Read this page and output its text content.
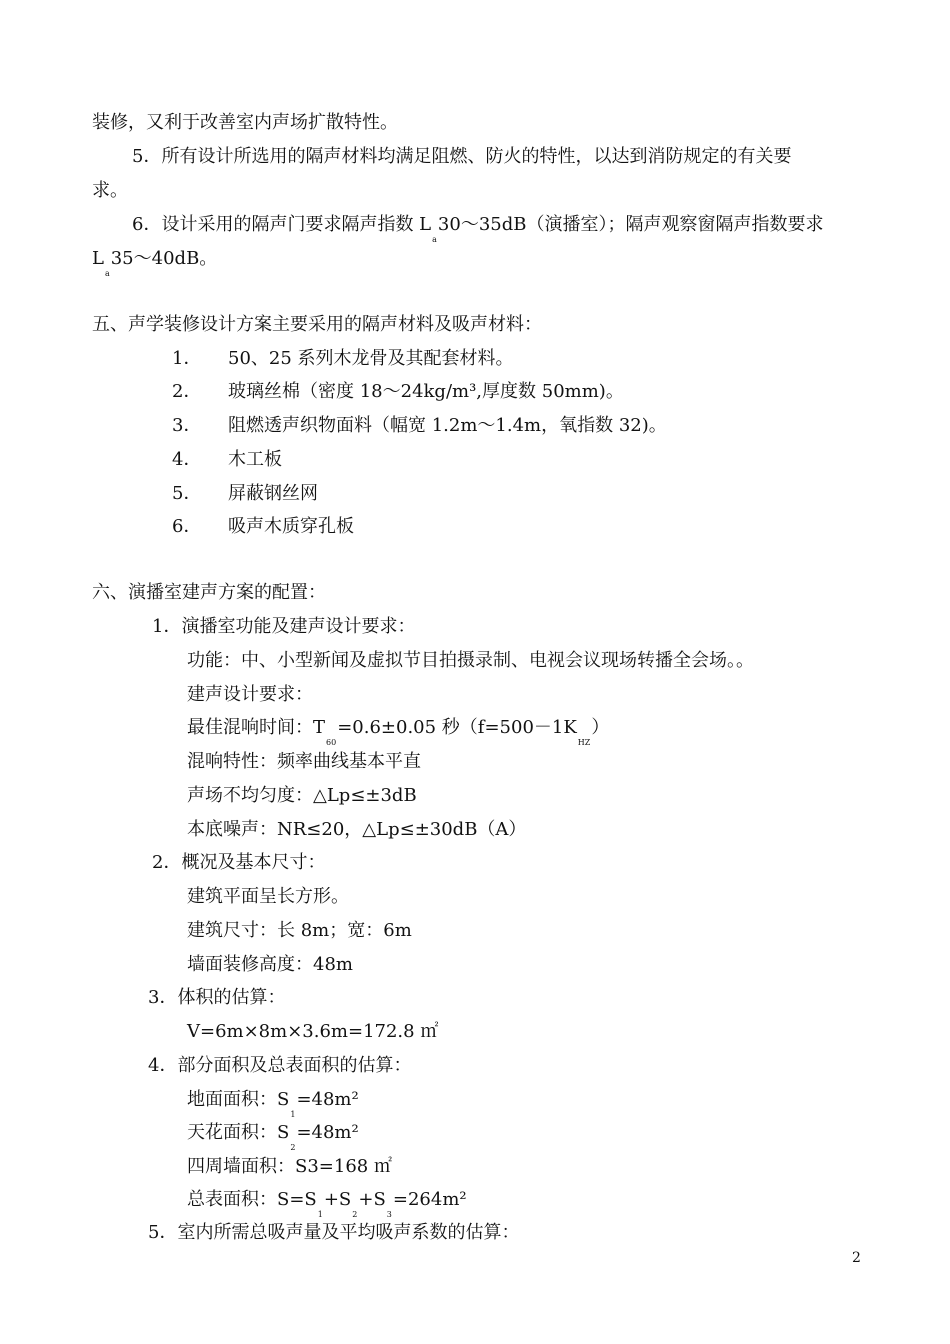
装修，又利于改善室内声场扩散特性。
5．所有设计所选用的隔声材料均满足阻燃、防火的特性，以达到消防规定的有关要
求。
6．设计采用的隔声门要求隔声指数 $L_a30\sim 35dB$（演播室）；隔声观察窗隔声指数要求
$L_a35\sim 40dB$。
五、声学装修设计方案主要采用的隔声材料及吸声材料：
1． 50、25 系列木龙骨及其配套材料。
2． 玻璃丝棉（密度 18～24kg/m³,厚度数 50mm)。
3． 阻燃透声织物面料（幅宽 1.2m～1.4m，氧指数 32)。
4． 木工板
5． 屏蔽钢丝网
6． 吸声木质穿孔板
六、演播室建声方案的配置：
1．演播室功能及建声设计要求：
功能：中、小型新闻及虚拟节目拍摄录制、电视会议现场转播全会场。。
建声设计要求：
最佳混响时间：$T_{60}=0.6\pm 0.05$ 秒$(f=500-1K_{HZ})$
混响特性：频率曲线基本平直
声场不均匀度：△Lp≤±3dB
本底噪声：NR≤20，△Lp≤±30dB（A）
2．概况及基本尺寸：
建筑平面呈长方形。
建筑尺寸：长 8m；宽：6m
墙面装修高度：48m
3．体积的估算：
V=6m×8m×3.6m=172.8 ㎡
4．部分面积及总表面积的估算：
地面面积：$S_1=48m^2$
天花面积：$S_2=48m^2$
四周墙面积：S3=168 ㎡
总表面积：$S=S_1+S_2+S_3=264m^2$
5．室内所需总吸声量及平均吸声系数的估算：
2
